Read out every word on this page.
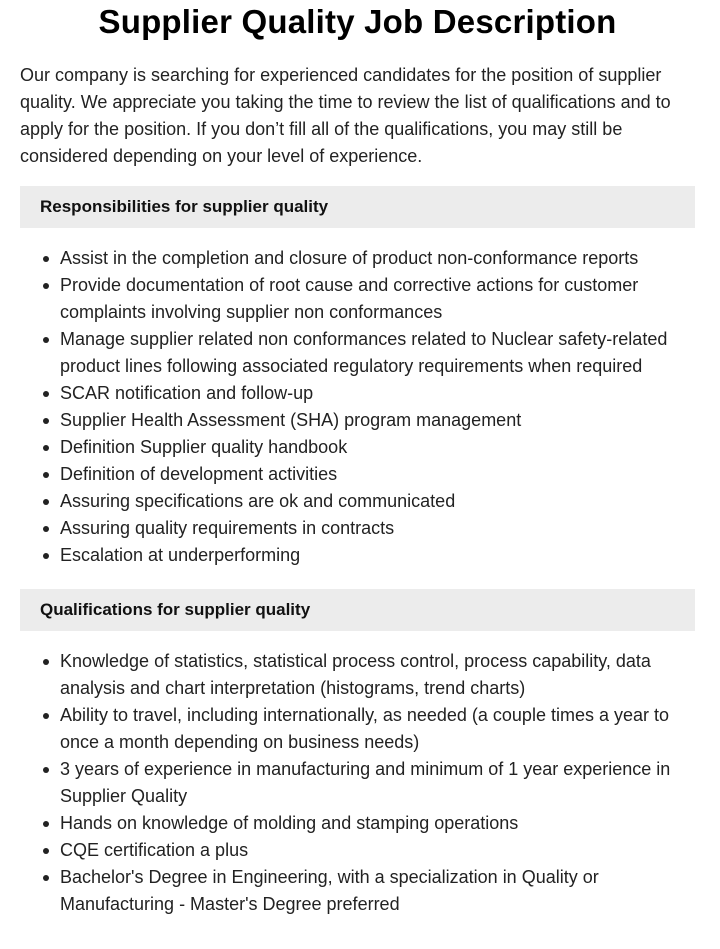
Supplier Quality Job Description

Our company is searching for experienced candidates for the position of supplier quality. We appreciate you taking the time to review the list of qualifications and to apply for the position. If you don’t fill all of the qualifications, you may still be considered depending on your level of experience.

Responsibilities for supplier quality
Assist in the completion and closure of product non-conformance reports
Provide documentation of root cause and corrective actions for customer complaints involving supplier non conformances
Manage supplier related non conformances related to Nuclear safety-related product lines following associated regulatory requirements when required
SCAR notification and follow-up
Supplier Health Assessment (SHA) program management
Definition Supplier quality handbook
Definition of development activities
Assuring specifications are ok and communicated
Assuring quality requirements in contracts
Escalation at underperforming
Qualifications for supplier quality
Knowledge of statistics, statistical process control, process capability, data analysis and chart interpretation (histograms, trend charts)
Ability to travel, including internationally, as needed (a couple times a year to once a month depending on business needs)
3 years of experience in manufacturing and minimum of 1 year experience in Supplier Quality
Hands on knowledge of molding and stamping operations
CQE certification a plus
Bachelor's Degree in Engineering, with a specialization in Quality or Manufacturing - Master's Degree preferred
